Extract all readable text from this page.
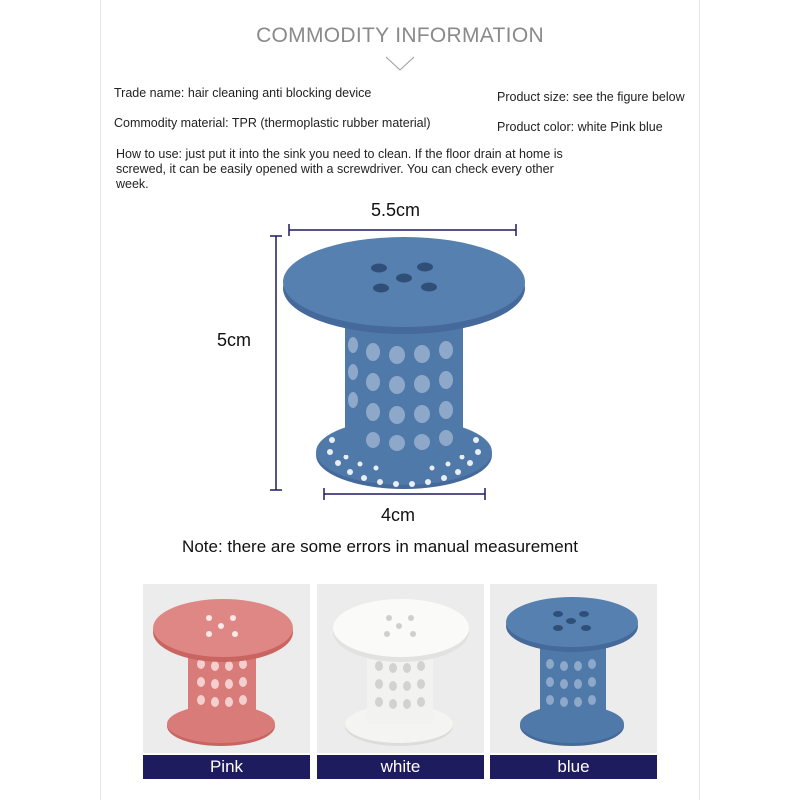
COMMODITY INFORMATION
Trade name: hair cleaning anti blocking device
Commodity material: TPR (thermoplastic rubber material)
Product size: see the figure below
Product color: white Pink blue
How to use: just put it into the sink you need to clean. If the floor drain at home is
screwed, it can be easily opened with a screwdriver. You can check every other week.
5.5cm
5cm
4cm
Note: there are some errors in manual measurement
Pink	white	blue
